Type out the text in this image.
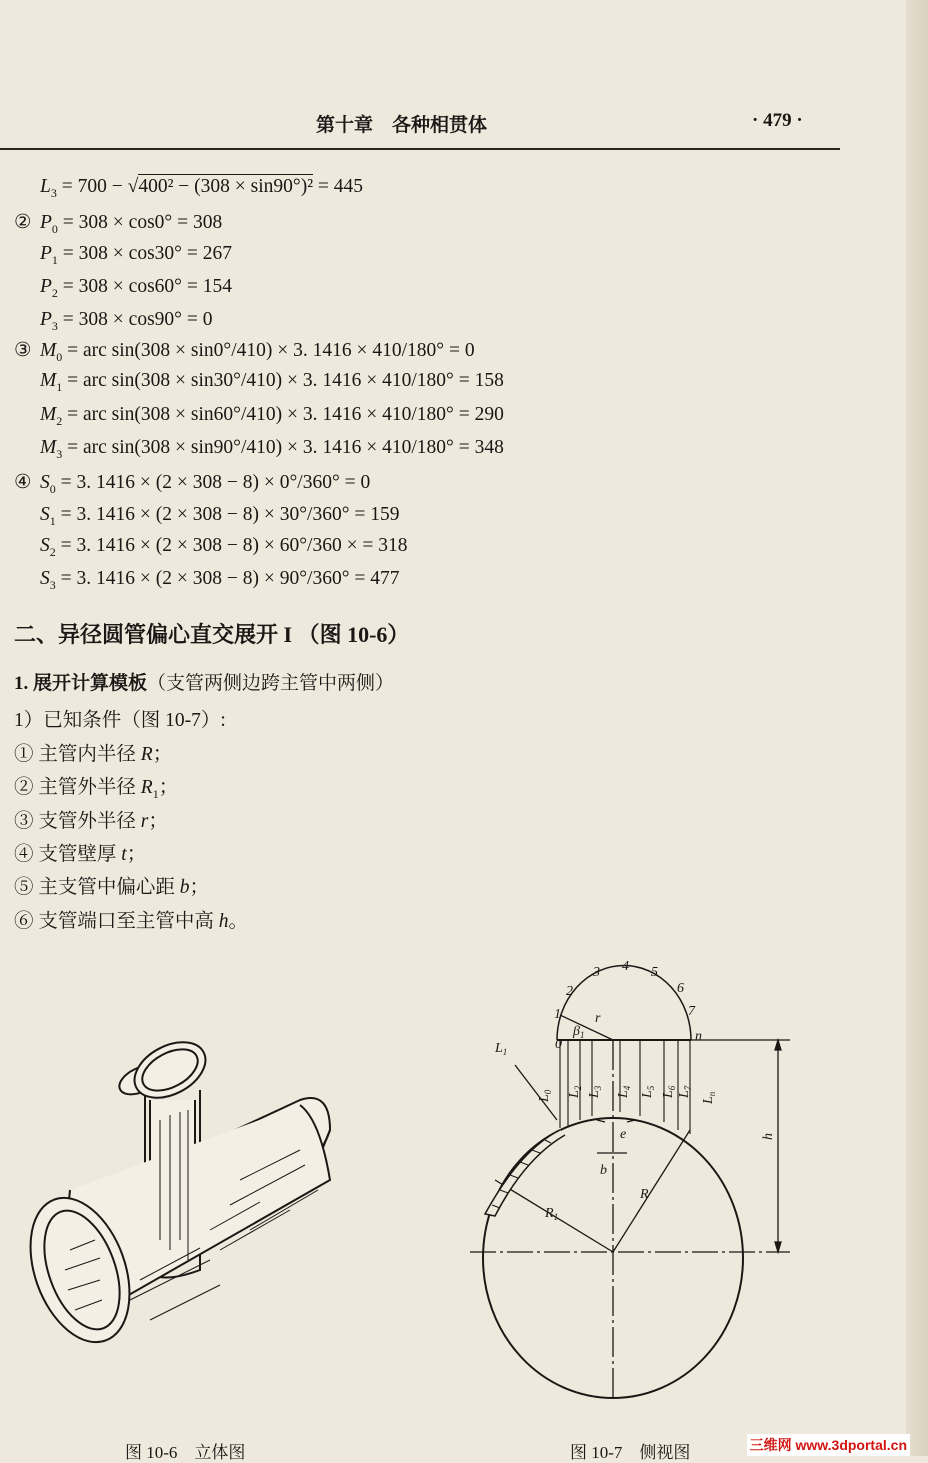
第十章　各种相贯体	· 479 ·
$L_3 = 700 - √400^2 - (308 \times \sin 90^\circ)^2 = 445$
② $P_0 = 308 \times \cos 0^\circ = 308$
$P_1 = 308 \times \cos 30^\circ = 267$
$P_2 = 308 \times \cos 60^\circ = 154$
$P_3 = 308 \times \cos 90^\circ = 0$
③ $M_0$ = arc sin(308 × sin0°/410) × 3. 1416 × 410/180° = 0
$M_1$ = arc sin(308 × sin30°/410) × 3. 1416 × 410/180° = 158
$M_2$ = arc sin(308 × sin60°/410) × 3. 1416 × 410/180° = 290
$M_3$ = arc sin(308 × sin90°/410) × 3. 1416 × 410/180° = 348
④ $S_0 = 3$. 1416 × (2 × 308 − 8) × 0°/360° = 0
$S_1 = 3$. 1416 × (2 × 308 − 8) × 30°/360° = 159
$S_2 = 3$. 1416 × (2 × 308 − 8) × 60°/360 × = 318
$S_3 = 3$. 1416 × (2 × 308 − 8) × 90°/360° = 477
二、异径圆管偏心直交展开 I （图 10-6）
1. 展开计算模板（支管两侧边跨主管中两侧）
1）已知条件（图 10-7）:
① 主管内半径 R；
② 主管外半径 $R_1$；
③ 支管外半径 r；
④ 支管壁厚 t；
⑤ 主支管中偏心距 b；
⑥ 支管端口至主管中高 h。
0
1
2
3 4 5
6
7
n
r
$\beta_1$
$L_1$
$L_0$ $L_2$
$L_3$
$L_4$
$L_5$
$L_6$
$L_7$
$L_n$
e
b
h
R
$R_1$
图 10-6　立体图	图 10-7　侧视图	三维网 www.3dportal.cn
